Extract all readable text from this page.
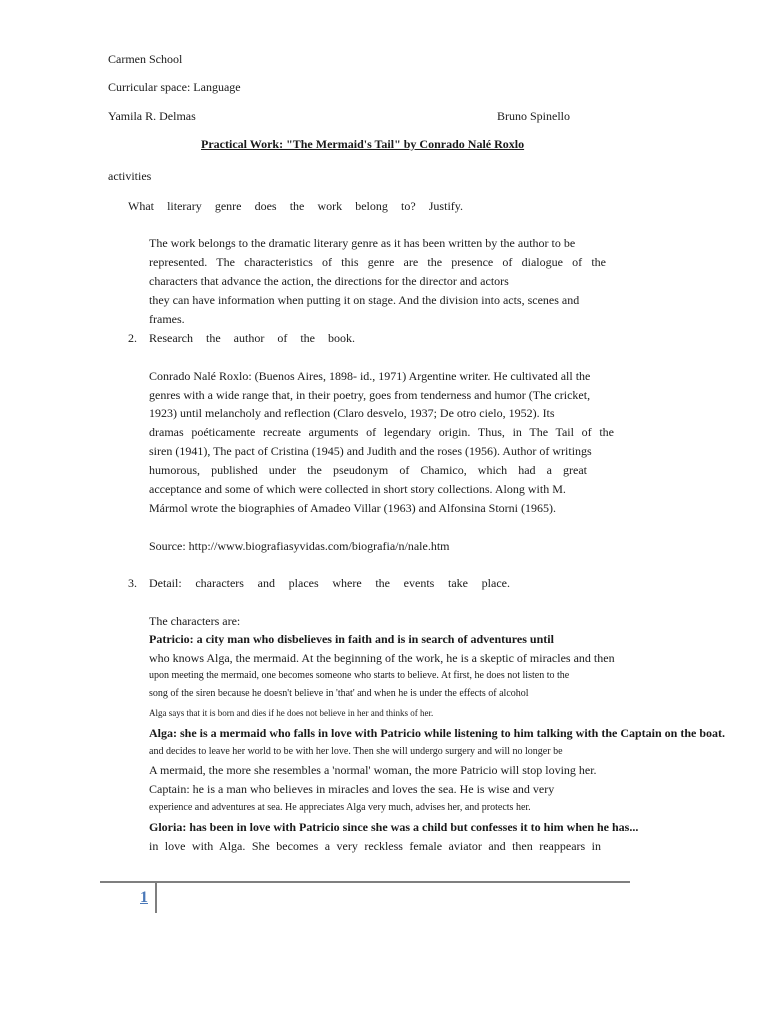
Carmen School
Curricular space: Language
Yamila R. Delmas	Bruno Spinello
Practical Work: "The Mermaid's Tail" by Conrado Nalé Roxlo
activities
What literary genre does the work belong to? Justify.
The work belongs to the dramatic literary genre as it has been written by the author to be
represented. The characteristics of this genre are the presence of dialogue of the
characters that advance the action, the directions for the director and actors
they can have information when putting it on stage. And the division into acts, scenes and
frames.
2. Research the author of the book.
Conrado Nalé Roxlo: (Buenos Aires, 1898- id., 1971) Argentine writer. He cultivated all the
genres with a wide range that, in their poetry, goes from tenderness and humor (The cricket,
1923) until melancholy and reflection (Claro desvelo, 1937; De otro cielo, 1952). Its
dramas poéticamente recreate arguments of legendary origin. Thus, in The Tail of the
siren (1941), The pact of Cristina (1945) and Judith and the roses (1956). Author of writings
humorous, published under the pseudonym of Chamico, which had a great
acceptance and some of which were collected in short story collections. Along with M.
Mármol wrote the biographies of Amadeo Villar (1963) and Alfonsina Storni (1965).
Source: http://www.biografiasyvidas.com/biografia/n/nale.htm
3. Detail: characters and places where the events take place.
The characters are:
Patricio: a city man who disbelieves in faith and is in search of adventures until
who knows Alga, the mermaid. At the beginning of the work, he is a skeptic of miracles and then
upon meeting the mermaid, one becomes someone who starts to believe. At first, he does not listen to the
song of the siren because he doesn't believe in 'that' and when he is under the effects of alcohol
Alga says that it is born and dies if he does not believe in her and thinks of her.
Alga: she is a mermaid who falls in love with Patricio while listening to him talking with the Captain on the boat.
and decides to leave her world to be with her love. Then she will undergo surgery and will no longer be
A mermaid, the more she resembles a 'normal' woman, the more Patricio will stop loving her.
Captain: he is a man who believes in miracles and loves the sea. He is wise and very
experience and adventures at sea. He appreciates Alga very much, advises her, and protects her.
Gloria: has been in love with Patricio since she was a child but confesses it to him when he has...
in love with Alga. She becomes a very reckless female aviator and then reappears in
1
